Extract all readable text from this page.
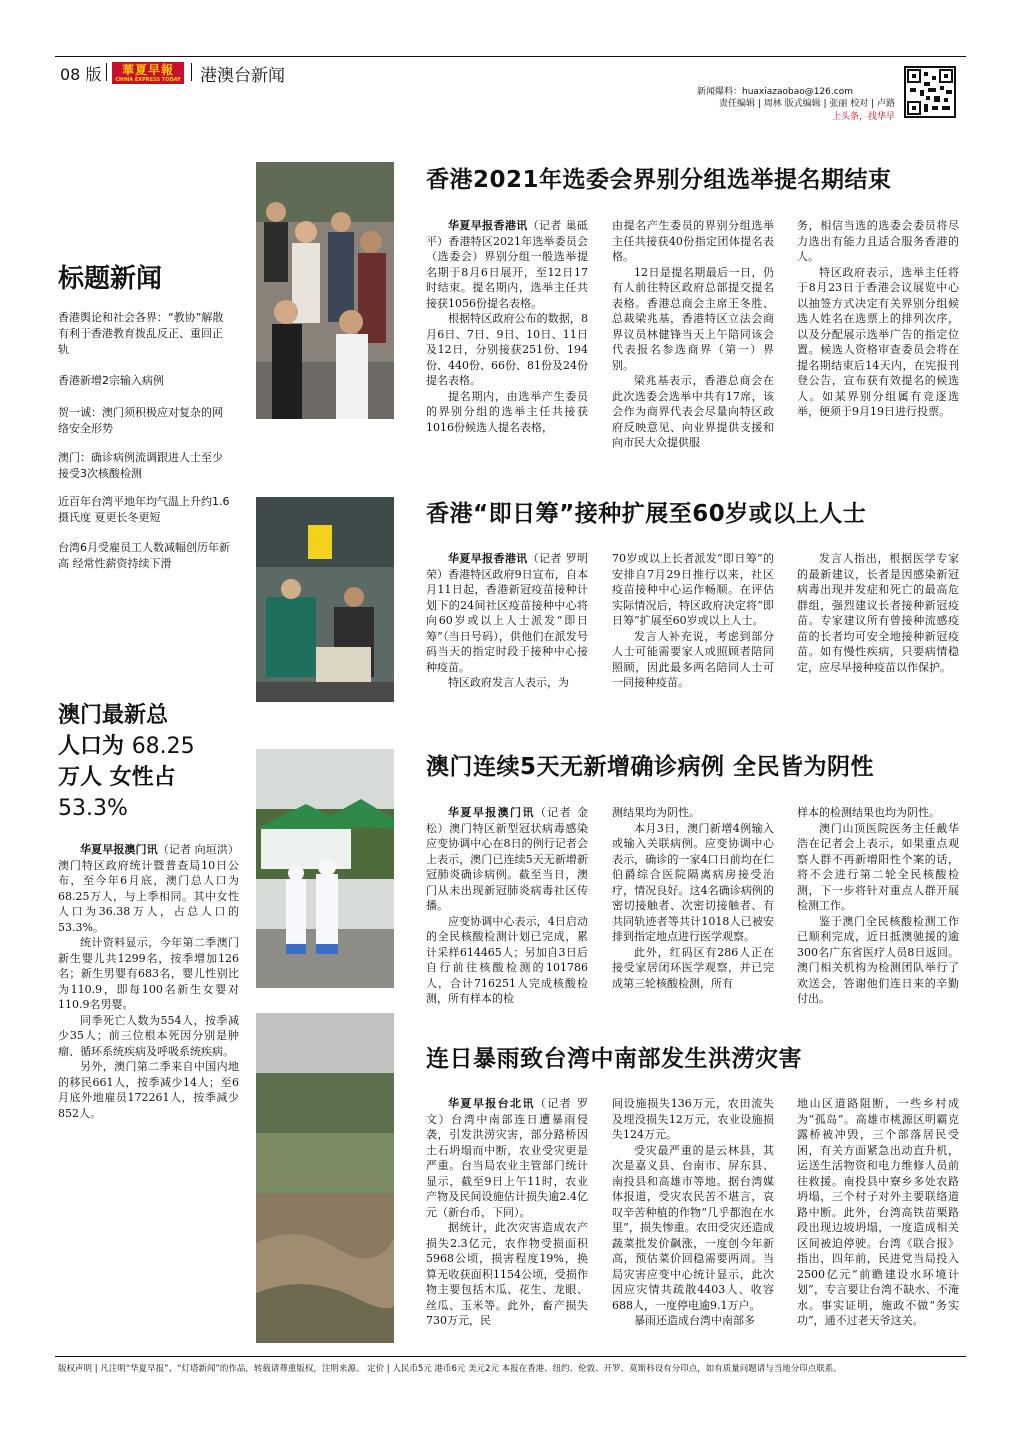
08 版	華夏早報
CHINA EXPRESS TODAY 港澳台新闻
新闻爆料：huaxiazaobao@126.com
责任编辑 | 周林 版式编辑 | 张丽 校对 | 卢路
上头条，找华早
标题新闻
香港舆论和社会各界：“教协”解散有利于香港教育拨乱反正、重回正轨
香港新增2宗输入病例
贺一诚：澳门须积极应对复杂的网络安全形势
澳门：确诊病例流调跟进人士至少接受3次核酸检测
近百年台湾平地年均气温上升约1.6摄氏度 夏更长冬更短
台湾6月受雇员工人数减幅创历年新高 经常性薪资持续下滑
澳门最新总
人口为 68.25
万人 女性占
53.3%

华夏早报澳门讯（记者 向垣洪）澳门特区政府统计暨普查局10日公布，至今年6月底，澳门总人口为68.25万人，与上季相同。其中女性人口为36.38万人，占总人口的53.3%。

统计资料显示，今年第二季澳门新生婴儿共1299名，按季增加126名；新生男婴有683名，婴儿性别比为110.9，即每100名新生女婴对110.9名男婴。

同季死亡人数为554人，按季减少35人；前三位根本死因分别是肿瘤、循环系统疾病及呼吸系统疾病。

另外，澳门第二季来自中国内地的移民661人，按季减少14人；至6月底外地雇员172261人，按季减少852人。

香港2021年选委会界别分组选举提名期结束

华夏早报香港讯（记者 巢砥平）香港特区2021年选举委员会（选委会）界别分组一般选举提名期于8月6日展开，至12日17时结束。提名期内，选举主任共接获1056份提名表格。

根据特区政府公布的数据，8月6日、7日、9日、10日、11日及12日，分别接获251份、194份、440份、66份、81份及24份提名表格。

提名期内，由选举产生委员的界别分组的选举主任共接获1016份候选人提名表格，

由提名产生委员的界别分组选举主任共接获40份指定团体提名表格。

12日是提名期最后一日，仍有人前往特区政府总部提交提名表格。香港总商会主席王冬胜、总裁梁兆基，香港特区立法会商界议员林健锋当天上午陪同该会代表报名参选商界（第一）界别。

梁兆基表示，香港总商会在此次选委会选举中共有17席，该会作为商界代表会尽量向特区政府反映意见、向业界提供支援和向市民大众提供服

务，相信当选的选委会委员将尽力选出有能力且适合服务香港的人。

特区政府表示，选举主任将于8月23日于香港会议展览中心以抽签方式决定有关界别分组候选人姓名在选票上的排列次序，以及分配展示选举广告的指定位置。候选人资格审查委员会将在提名期结束后14天内，在宪报刊登公告，宣布获有效提名的候选人。如某界别分组属有竞逐选举，便须于9月19日进行投票。

香港“即日筹”接种扩展至60岁或以上人士

华夏早报香港讯（记者 罗明荣）香港特区政府9日宣布，自本月11日起，香港新冠疫苗接种计划下的24间社区疫苗接种中心将向60岁或以上人士派发“即日筹”（当日号码），供他们在派发号码当天的指定时段于接种中心接种疫苗。

特区政府发言人表示，为

70岁或以上长者派发“即日筹”的安排自7月29日推行以来，社区疫苗接种中心运作畅顺。在评估实际情况后，特区政府决定将“即日筹”扩展至60岁或以上人士。

发言人补充说，考虑到部分人士可能需要家人或照顾者陪同照顾，因此最多两名陪同人士可一同接种疫苗。

发言人指出，根据医学专家的最新建议，长者是因感染新冠病毒出现并发症和死亡的最高危群组，强烈建议长者接种新冠疫苗。专家建议所有曾接种流感疫苗的长者均可安全地接种新冠疫苗。如有慢性疾病，只要病情稳定，应尽早接种疫苗以作保护。

澳门连续5天无新增确诊病例 全民皆为阴性

华夏早报澳门讯（记者 金松）澳门特区新型冠状病毒感染应变协调中心在8日的例行记者会上表示，澳门已连续5天无新增新冠肺炎确诊病例。截至当日，澳门从未出现新冠肺炎病毒社区传播。

应变协调中心表示，4日启动的全民核酸检测计划已完成，累计采样614465人；另加自3日后自行前往核酸检测的101786人，合计716251人完成核酸检测，所有样本的检

测结果均为阴性。

本月3日，澳门新增4例输入或输入关联病例。应变协调中心表示，确诊的一家4口日前均在仁伯爵综合医院隔离病房接受治疗，情况良好。这4名确诊病例的密切接触者、次密切接触者、有共同轨迹者等共计1018人已被安排到指定地点进行医学观察。

此外，红码区有286人正在接受家居闭环医学观察，并已完成第三轮核酸检测，所有

样本的检测结果也均为阴性。

澳门山顶医院医务主任戴华浩在记者会上表示，如果重点观察人群不再新增阳性个案的话，将不会进行第二轮全民核酸检测，下一步将针对重点人群开展检测工作。

鉴于澳门全民核酸检测工作已顺利完成，近日抵澳驰援的逾300名广东省医疗人员8日返回。澳门相关机构为检测团队举行了欢送会，答谢他们连日来的辛勤付出。

连日暴雨致台湾中南部发生洪涝灾害

华夏早报台北讯（记者 罗文）台湾中南部连日遭暴雨侵袭，引发洪涝灾害，部分路桥因土石坍塌而中断，农业受灾更是严重。台当局农业主管部门统计显示，截至9日上午11时，农业产物及民间设施估计损失逾2.4亿元（新台币，下同）。

据统计，此次灾害造成农产损失2.3亿元，农作物受损面积5968公顷，损害程度19%，换算无收获面积1154公顷，受损作物主要包括木瓜、花生、龙眼、丝瓜、玉米等。此外，畜产损失730万元，民

间设施损失136万元，农田流失及埋没损失12万元，农业设施损失124万元。

受灾最严重的是云林县，其次是嘉义县、台南市、屏东县、南投县和高雄市等地。据台湾媒体报道，受灾农民苦不堪言，哀叹辛苦种植的作物“几乎都泡在水里”，损失惨重。农田受灾还造成蔬菜批发价飙涨，一度创今年新高，预估菜价回稳需要两周。当局灾害应变中心统计显示，此次因应灾情共疏散4403人、收容688人，一度停电逾9.1万户。

暴雨还造成台湾中南部多

地山区道路阻断，一些乡村成为“孤岛”。高雄市桃源区明霸克露桥被冲毁，三个部落居民受困，有关方面紧急出动直升机，运送生活物资和电力维修人员前往救援。南投县中寮乡多处农路坍塌，三个村子对外主要联络道路中断。此外，台湾高铁苗栗路段出现边坡坍塌，一度造成相关区间被迫停驶。台湾《联合报》指出，四年前，民进党当局投入2500亿元“前瞻建设水环境计划”，专言要让台湾不缺水、不淹水。事实证明，施政不做“务实功”，通不过老天爷这关。

版权声明 | 凡注明“华夏早报”、“灯塔新闻”的作品，转载请尊重版权，注明来源。 定价 | 人民币5元 港币6元 美元2元 本报在香港、纽约、伦敦、开罗、莫斯科设有分印点，如有质量问题请与当地分印点联系。
